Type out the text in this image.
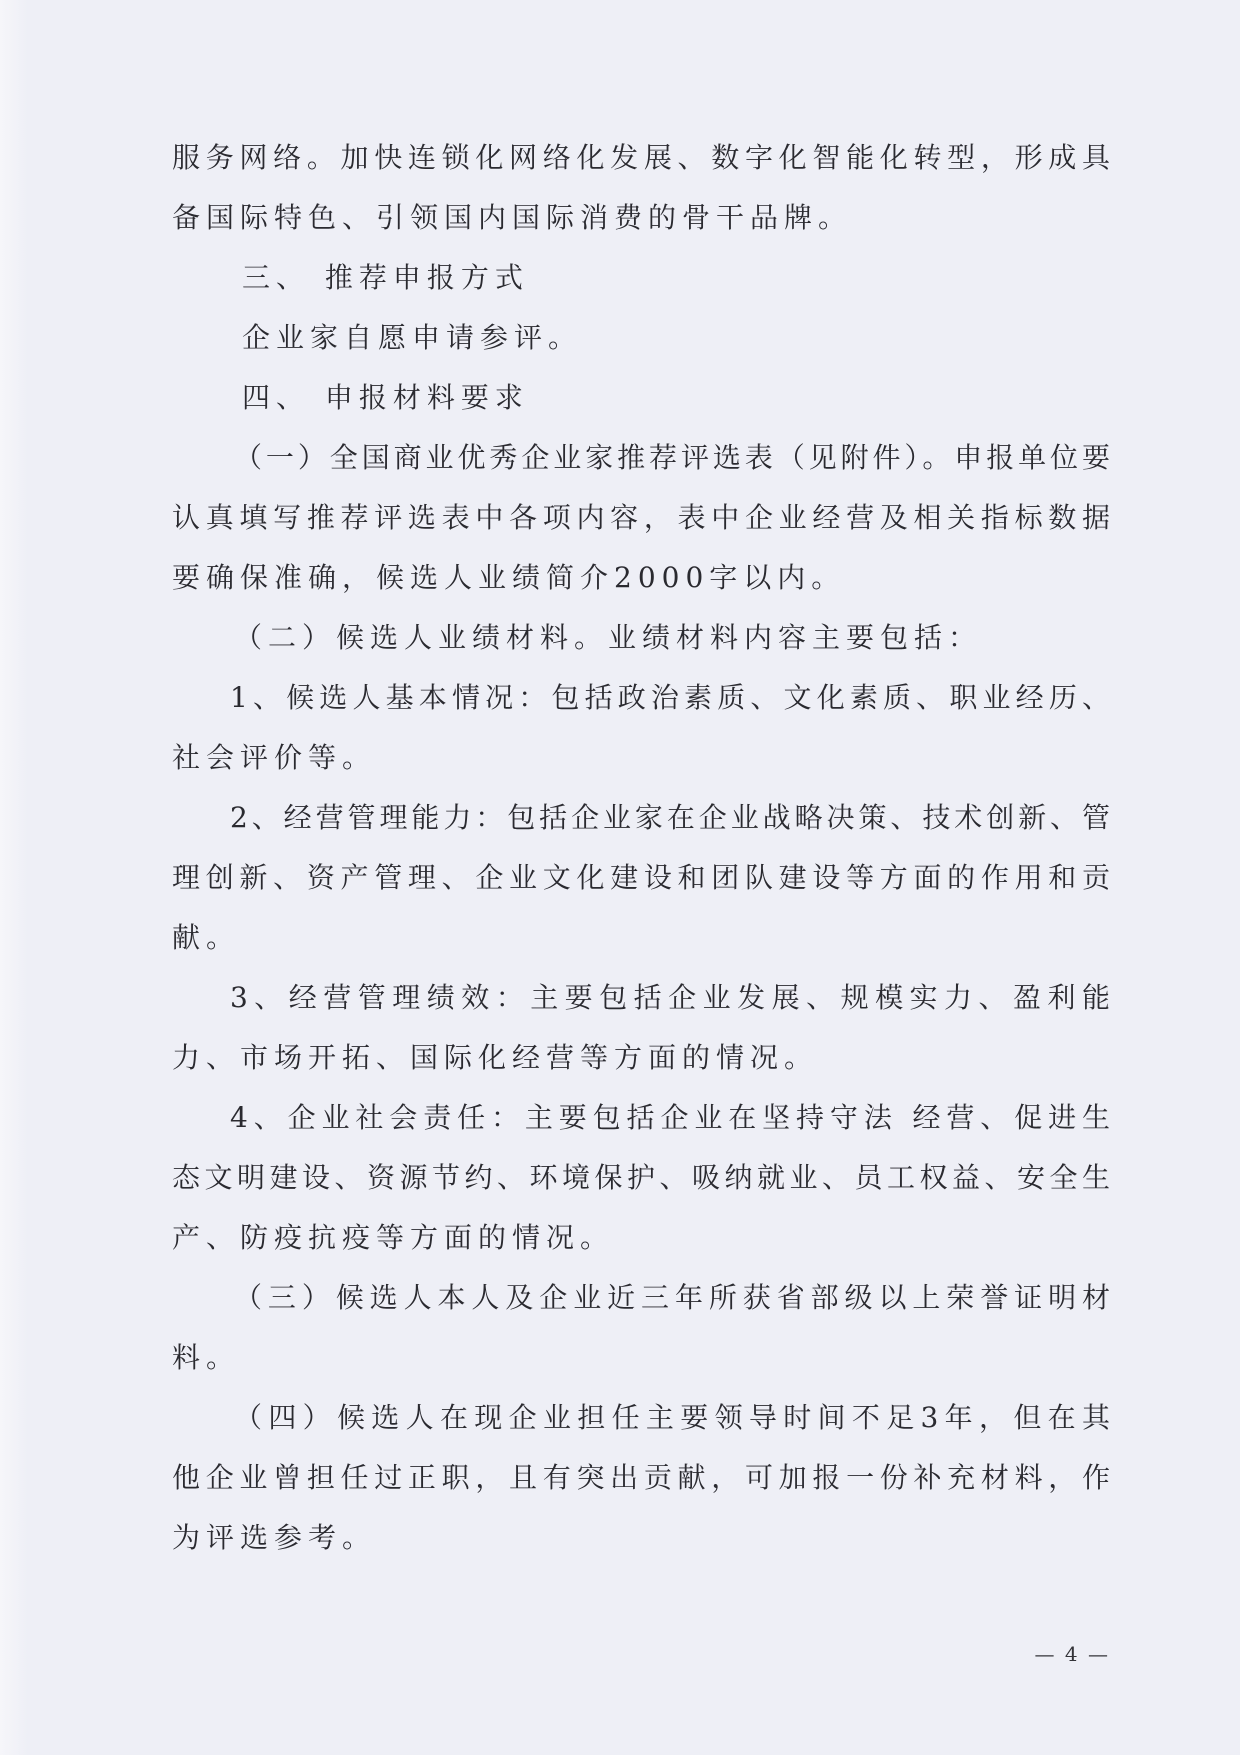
服务网络。加快连锁化网络化发展、数字化智能化转型，形成具
备国际特色、引领国内国际消费的骨干品牌。
三、 推荐申报方式
企业家自愿申请参评。
四、 申报材料要求
（一）全国商业优秀企业家推荐评选表（见附件）。申报单位要
认真填写推荐评选表中各项内容，表中企业经营及相关指标数据
要确保准确，候选人业绩简介2000字以内。
（二）候选人业绩材料。业绩材料内容主要包括：
1、候选人基本情况：包括政治素质、文化素质、职业经历、
社会评价等。
2、经营管理能力：包括企业家在企业战略决策、技术创新、管
理创新、资产管理、企业文化建设和团队建设等方面的作用和贡
献。
3、经营管理绩效：主要包括企业发展、规模实力、盈利能
力、市场开拓、国际化经营等方面的情况。
4、企业社会责任：主要包括企业在坚持守法 经营、促进生
态文明建设、资源节约、环境保护、吸纳就业、员工权益、安全生
产、防疫抗疫等方面的情况。
（三）候选人本人及企业近三年所获省部级以上荣誉证明材
料。
（四）候选人在现企业担任主要领导时间不足3年，但在其
他企业曾担任过正职，且有突出贡献，可加报一份补充材料，作
为评选参考。
— 4 —
